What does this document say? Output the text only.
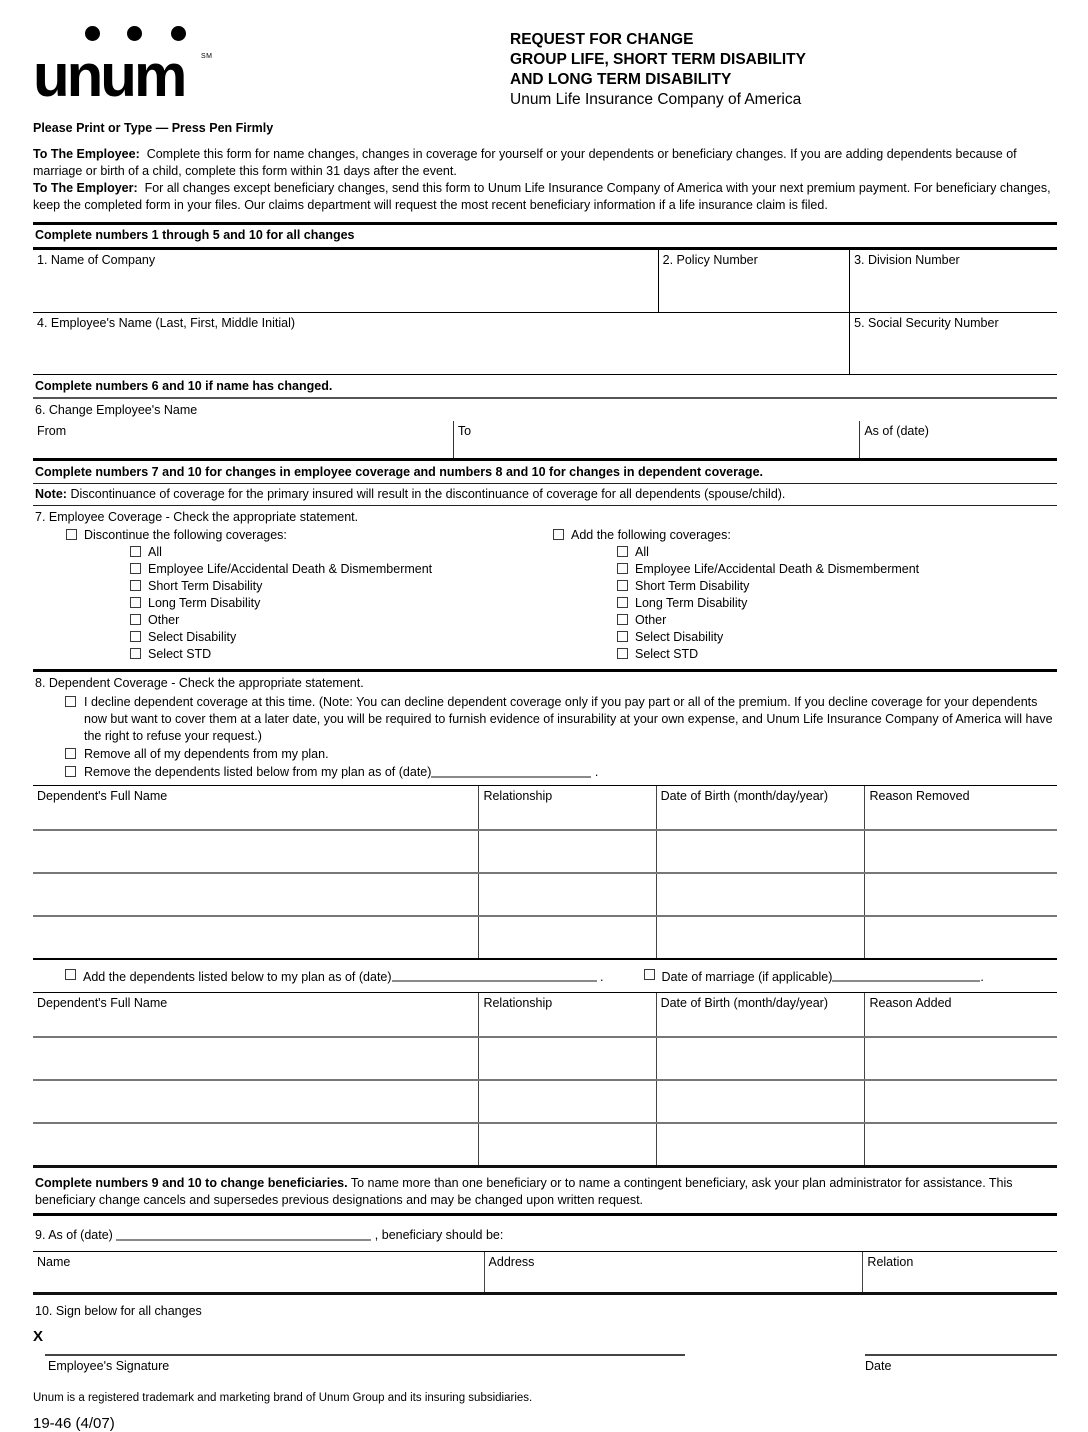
unum SM
REQUEST FOR CHANGE
GROUP LIFE, SHORT TERM DISABILITY
AND LONG TERM DISABILITY
Unum Life Insurance Company of America
Please Print or Type — Press Pen Firmly

To The Employee: Complete this form for name changes, changes in coverage for yourself or your dependents or beneficiary changes. If you are adding dependents because of marriage or birth of a child, complete this form within 31 days after the event.

To The Employer: For all changes except beneficiary changes, send this form to Unum Life Insurance Company of America with your next premium payment. For beneficiary changes, keep the completed form in your files. Our claims department will request the most recent beneficiary information if a life insurance claim is filed.

Complete numbers 1 through 5 and 10 for all changes
1. Name of Company	2. Policy Number	3. Division Number
4. Employee's Name (Last, First, Middle Initial)	5. Social Security Number
Complete numbers 6 and 10 if name has changed.
6. Change Employee's Name
From	To	As of (date)
Complete numbers 7 and 10 for changes in employee coverage and numbers 8 and 10 for changes in dependent coverage.
Note: Discontinuance of coverage for the primary insured will result in the discontinuance of coverage for all dependents (spouse/child).
7. Employee Coverage - Check the appropriate statement.
Discontinue the following coverages:
All
Employee Life/Accidental Death & Dismemberment
Short Term Disability
Long Term Disability
Other
Select Disability
Select STD
Add the following coverages:
All
Employee Life/Accidental Death & Dismemberment
Short Term Disability
Long Term Disability
Other
Select Disability
Select STD
8. Dependent Coverage - Check the appropriate statement.
I decline dependent coverage at this time. (Note: You can decline dependent coverage only if you pay part or all of the premium. If you decline coverage for your dependents now but want to cover them at a later date, you will be required to furnish evidence of insurability at your own expense, and Unum Life Insurance Company of America will have the right to refuse your request.)
Remove all of my dependents from my plan.
Remove the dependents listed below from my plan as of (date)	.
Dependent's Full Name	Relationship	Date of Birth (month/day/year)	Reason Removed
Add the dependents listed below to my plan as of (date)
	.	Date of marriage (if applicable)	.
Dependent's Full Name	Relationship	Date of Birth (month/day/year)	Reason Added
Complete numbers 9 and 10 to change beneficiaries. To name more than one beneficiary or to name a contingent beneficiary, ask your plan administrator for assistance. This beneficiary change cancels and supersedes previous designations and may be changed upon written request.
9. As of (date)	, beneficiary should be:
Name	Address	Relation
10. Sign below for all changes
X
Employee's Signature	Date
Unum is a registered trademark and marketing brand of Unum Group and its insuring subsidiaries.
19-46 (4/07)
